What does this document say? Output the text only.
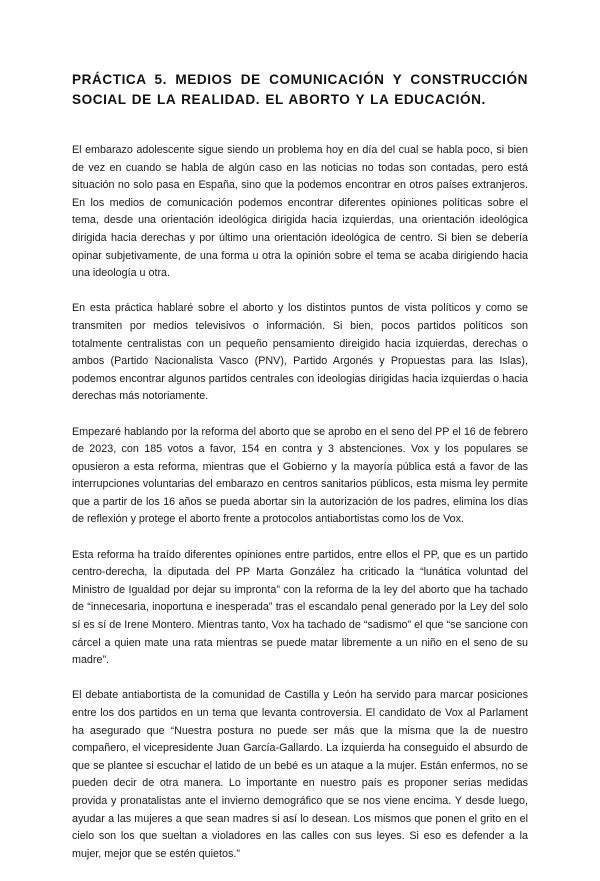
PRÁCTICA 5. MEDIOS DE COMUNICACIÓN Y CONSTRUCCIÓN SOCIAL DE LA REALIDAD. EL ABORTO Y LA EDUCACIÓN.

El embarazo adolescente sigue siendo un problema hoy en día del cual se habla poco, si bien de vez en cuando se habla de algún caso en las noticias no todas son contadas, pero está situación no solo pasa en España, sino que la podemos encontrar en otros países extranjeros. En los medios de comunicación podemos encontrar diferentes opiniones políticas sobre el tema, desde una orientación ideológica dirigida hacia izquierdas, una orientación ideológica dirigida hacia derechas y por último una orientación ideológica de centro. Si bien se debería opinar subjetivamente, de una forma u otra la opinión sobre el tema se acaba dirigiendo hacia una ideología u otra.

En esta práctica hablaré sobre el aborto y los distintos puntos de vista políticos y como se transmiten por medios televisivos o información. Si bien, pocos partidos políticos son totalmente centralistas con un pequeño pensamiento direigido hacia izquierdas, derechas o ambos (Partido Nacionalista Vasco (PNV), Partido Argonés y Propuestas para las Islas), podemos encontrar algunos partidos centrales con ideologias dirigidas hacia izquierdas o hacia derechas más notoriamente.

Empezaré hablando por la reforma del aborto que se aprobo en el seno del PP el 16 de febrero de 2023, con 185 votos a favor, 154 en contra y 3 abstenciones. Vox y los populares se opusieron a esta reforma, mientras que el Gobierno y la mayoría pública está a favor de las interrupciones voluntarias del embarazo en centros sanitarios públicos, esta misma ley permite que a partir de los 16 años se pueda abortar sin la autorización de los padres, elimina los días de reflexión y protege el aborto frente a protocolos antiabortistas como los de Vox.

Esta reforma ha traído diferentes opiniones entre partidos, entre ellos el PP, que es un partido centro-derecha, la diputada del PP Marta González ha criticado la “lunática voluntad del Ministro de Igualdad por dejar su impronta” con la reforma de la ley del aborto que ha tachado de “innecesaria, inoportuna e inesperada” tras el escandalo penal generado por la Ley del solo sí es sí de Irene Montero. Mientras tanto, Vox ha tachado de “sadismo” el que “se sancione con cárcel a quien mate una rata mientras se puede matar libremente a un niño en el seno de su madre”.

El debate antiabortista de la comunidad de Castilla y León ha servido para marcar posiciones entre los dos partidos en un tema que levanta controversia. El candidato de Vox al Parlament ha asegurado que “Nuestra postura no puede ser más que la misma que la de nuestro compañero, el vicepresidente Juan García-Gallardo. La izquierda ha conseguido el absurdo de que se plantee si escuchar el latido de un bebé es un ataque a la mujer. Están enfermos, no se pueden decir de otra manera. Lo importante en nuestro país es proponer serias medidas provida y pronatalistas ante el invierno demográfico que se nos viene encima. Y desde luego, ayudar a las mujeres a que sean madres si así lo desean. Los mismos que ponen el grito en el cielo son los que sueltan a violadores en las calles con sus leyes. Si eso es defender a la mujer, mejor que se estén quietos.”
